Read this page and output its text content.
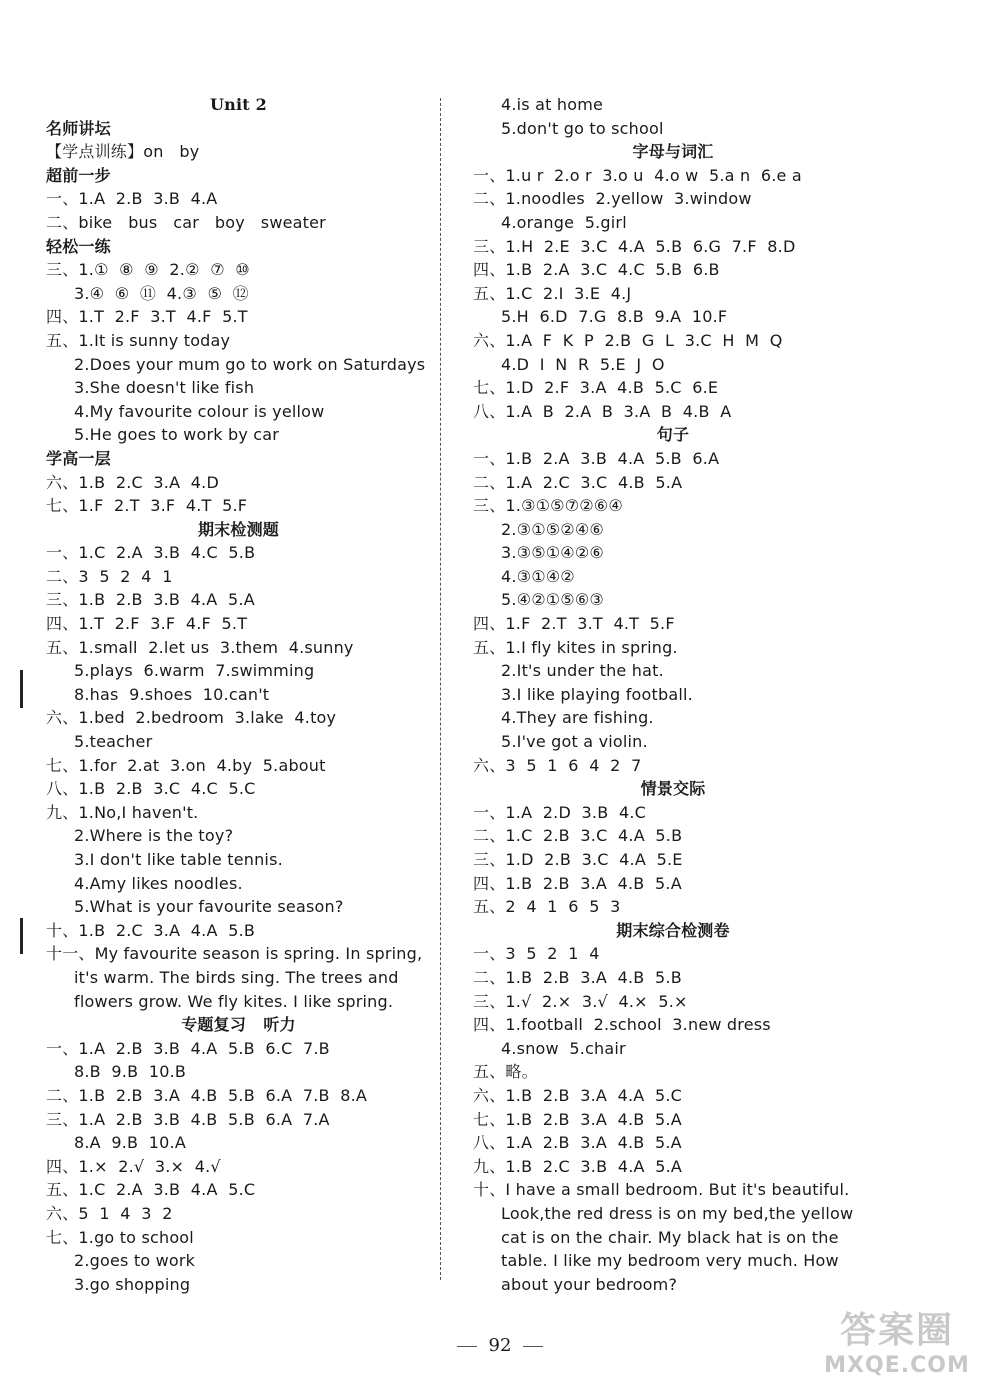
Unit 2
名师讲坛
【学点训练】on   by
超前一步
一、1.A  2.B  3.B  4.A
二、bike   bus   car   boy   sweater
轻松一练
三、1.①  ⑧  ⑨  2.②  ⑦  ⑩
3.④  ⑥  ⑪  4.③  ⑤  ⑫
四、1.T  2.F  3.T  4.F  5.T
五、1.It is sunny today
2.Does your mum go to work on Saturdays
3.She doesn't like fish
4.My favourite colour is yellow
5.He goes to work by car
学高一层
六、1.B  2.C  3.A  4.D
七、1.F  2.T  3.F  4.T  5.F
期末检测题
一、1.C  2.A  3.B  4.C  5.B
二、3  5  2  4  1
三、1.B  2.B  3.B  4.A  5.A
四、1.T  2.F  3.F  4.F  5.T
五、1.small  2.let us  3.them  4.sunny
5.plays  6.warm  7.swimming
8.has  9.shoes  10.can't
六、1.bed  2.bedroom  3.lake  4.toy
5.teacher
七、1.for  2.at  3.on  4.by  5.about
八、1.B  2.B  3.C  4.C  5.C
九、1.No,I haven't.
2.Where is the toy?
3.I don't like table tennis.
4.Amy likes noodles.
5.What is your favourite season?
十、1.B  2.C  3.A  4.A  5.B
十一、My favourite season is spring. In spring,
it's warm. The birds sing. The trees and
flowers grow. We fly kites. I like spring.
专题复习   听力
一、1.A  2.B  3.B  4.A  5.B  6.C  7.B
8.B  9.B  10.B
二、1.B  2.B  3.A  4.B  5.B  6.A  7.B  8.A
三、1.A  2.B  3.B  4.B  5.B  6.A  7.A
8.A  9.B  10.A
四、1.×  2.√  3.×  4.√
五、1.C  2.A  3.B  4.A  5.C
六、5  1  4  3  2
七、1.go to school
2.goes to work
3.go shopping
4.is at home
5.don't go to school
字母与词汇
一、1.u r  2.o r  3.o u  4.o w  5.a n  6.e a
二、1.noodles  2.yellow  3.window
4.orange  5.girl
三、1.H  2.E  3.C  4.A  5.B  6.G  7.F  8.D
四、1.B  2.A  3.C  4.C  5.B  6.B
五、1.C  2.I  3.E  4.J
5.H  6.D  7.G  8.B  9.A  10.F
六、1.A  F  K  P  2.B  G  L  3.C  H  M  Q
4.D  I  N  R  5.E  J  O
七、1.D  2.F  3.A  4.B  5.C  6.E
八、1.A  B  2.A  B  3.A  B  4.B  A
句子
一、1.B  2.A  3.B  4.A  5.B  6.A
二、1.A  2.C  3.C  4.B  5.A
三、1.③①⑤⑦②⑥④
2.③①⑤②④⑥
3.③⑤①④②⑥
4.③①④②
5.④②①⑤⑥③
四、1.F  2.T  3.T  4.T  5.F
五、1.I fly kites in spring.
2.It's under the hat.
3.I like playing football.
4.They are fishing.
5.I've got a violin.
六、3  5  1  6  4  2  7
情景交际
一、1.A  2.D  3.B  4.C
二、1.C  2.B  3.C  4.A  5.B
三、1.D  2.B  3.C  4.A  5.E
四、1.B  2.B  3.A  4.B  5.A
五、2  4  1  6  5  3
期末综合检测卷
一、3  5  2  1  4
二、1.B  2.B  3.A  4.B  5.B
三、1.√  2.×  3.√  4.×  5.×
四、1.football  2.school  3.new dress
4.snow  5.chair
五、略。
六、1.B  2.B  3.A  4.A  5.C
七、1.B  2.B  3.A  4.B  5.A
八、1.A  2.B  3.A  4.B  5.A
九、1.B  2.C  3.B  4.A  5.A
十、I have a small bedroom. But it's beautiful.
Look,the red dress is on my bed,the yellow
cat is on the chair. My black hat is on the
table. I like my bedroom very much. How
about your bedroom?
92	答案圈
MXQE.COM
